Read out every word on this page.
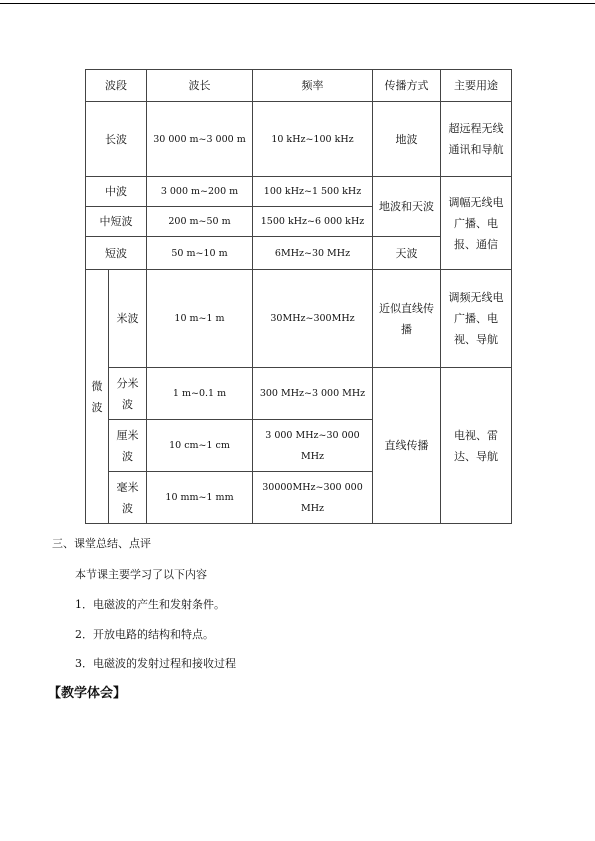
波段		波长	频率	传播方式	主要用途
长波		30 000 m~3 000 m	10 kHz~100 kHz	地波	超远程无线通讯和导航
中波		3 000 m~200 m	100 kHz~1 500 kHz	地波和天波	调幅无线电广播、电报、通信
中短波		200 m~50 m	1500 kHz~6 000 kHz		
短波		50 m~10 m	6MHz~30 MHz	天波	
微波	米波	10 m~1 m	30MHz~300MHz	近似直线传播	调频无线电广播、电视、导航
	分米波	1 m~0.1 m	300 MHz~3 000 MHz	直线传播	电视、雷达、导航
	厘米波	10 cm~1 cm	3 000 MHz~30 000 MHz		
	毫米波	10 mm~1 mm	30000MHz~300 000 MHz		
三、课堂总结、点评
本节课主要学习了以下内容
1．电磁波的产生和发射条件。
2．开放电路的结构和特点。
3．电磁波的发射过程和接收过程
【教学体会】
